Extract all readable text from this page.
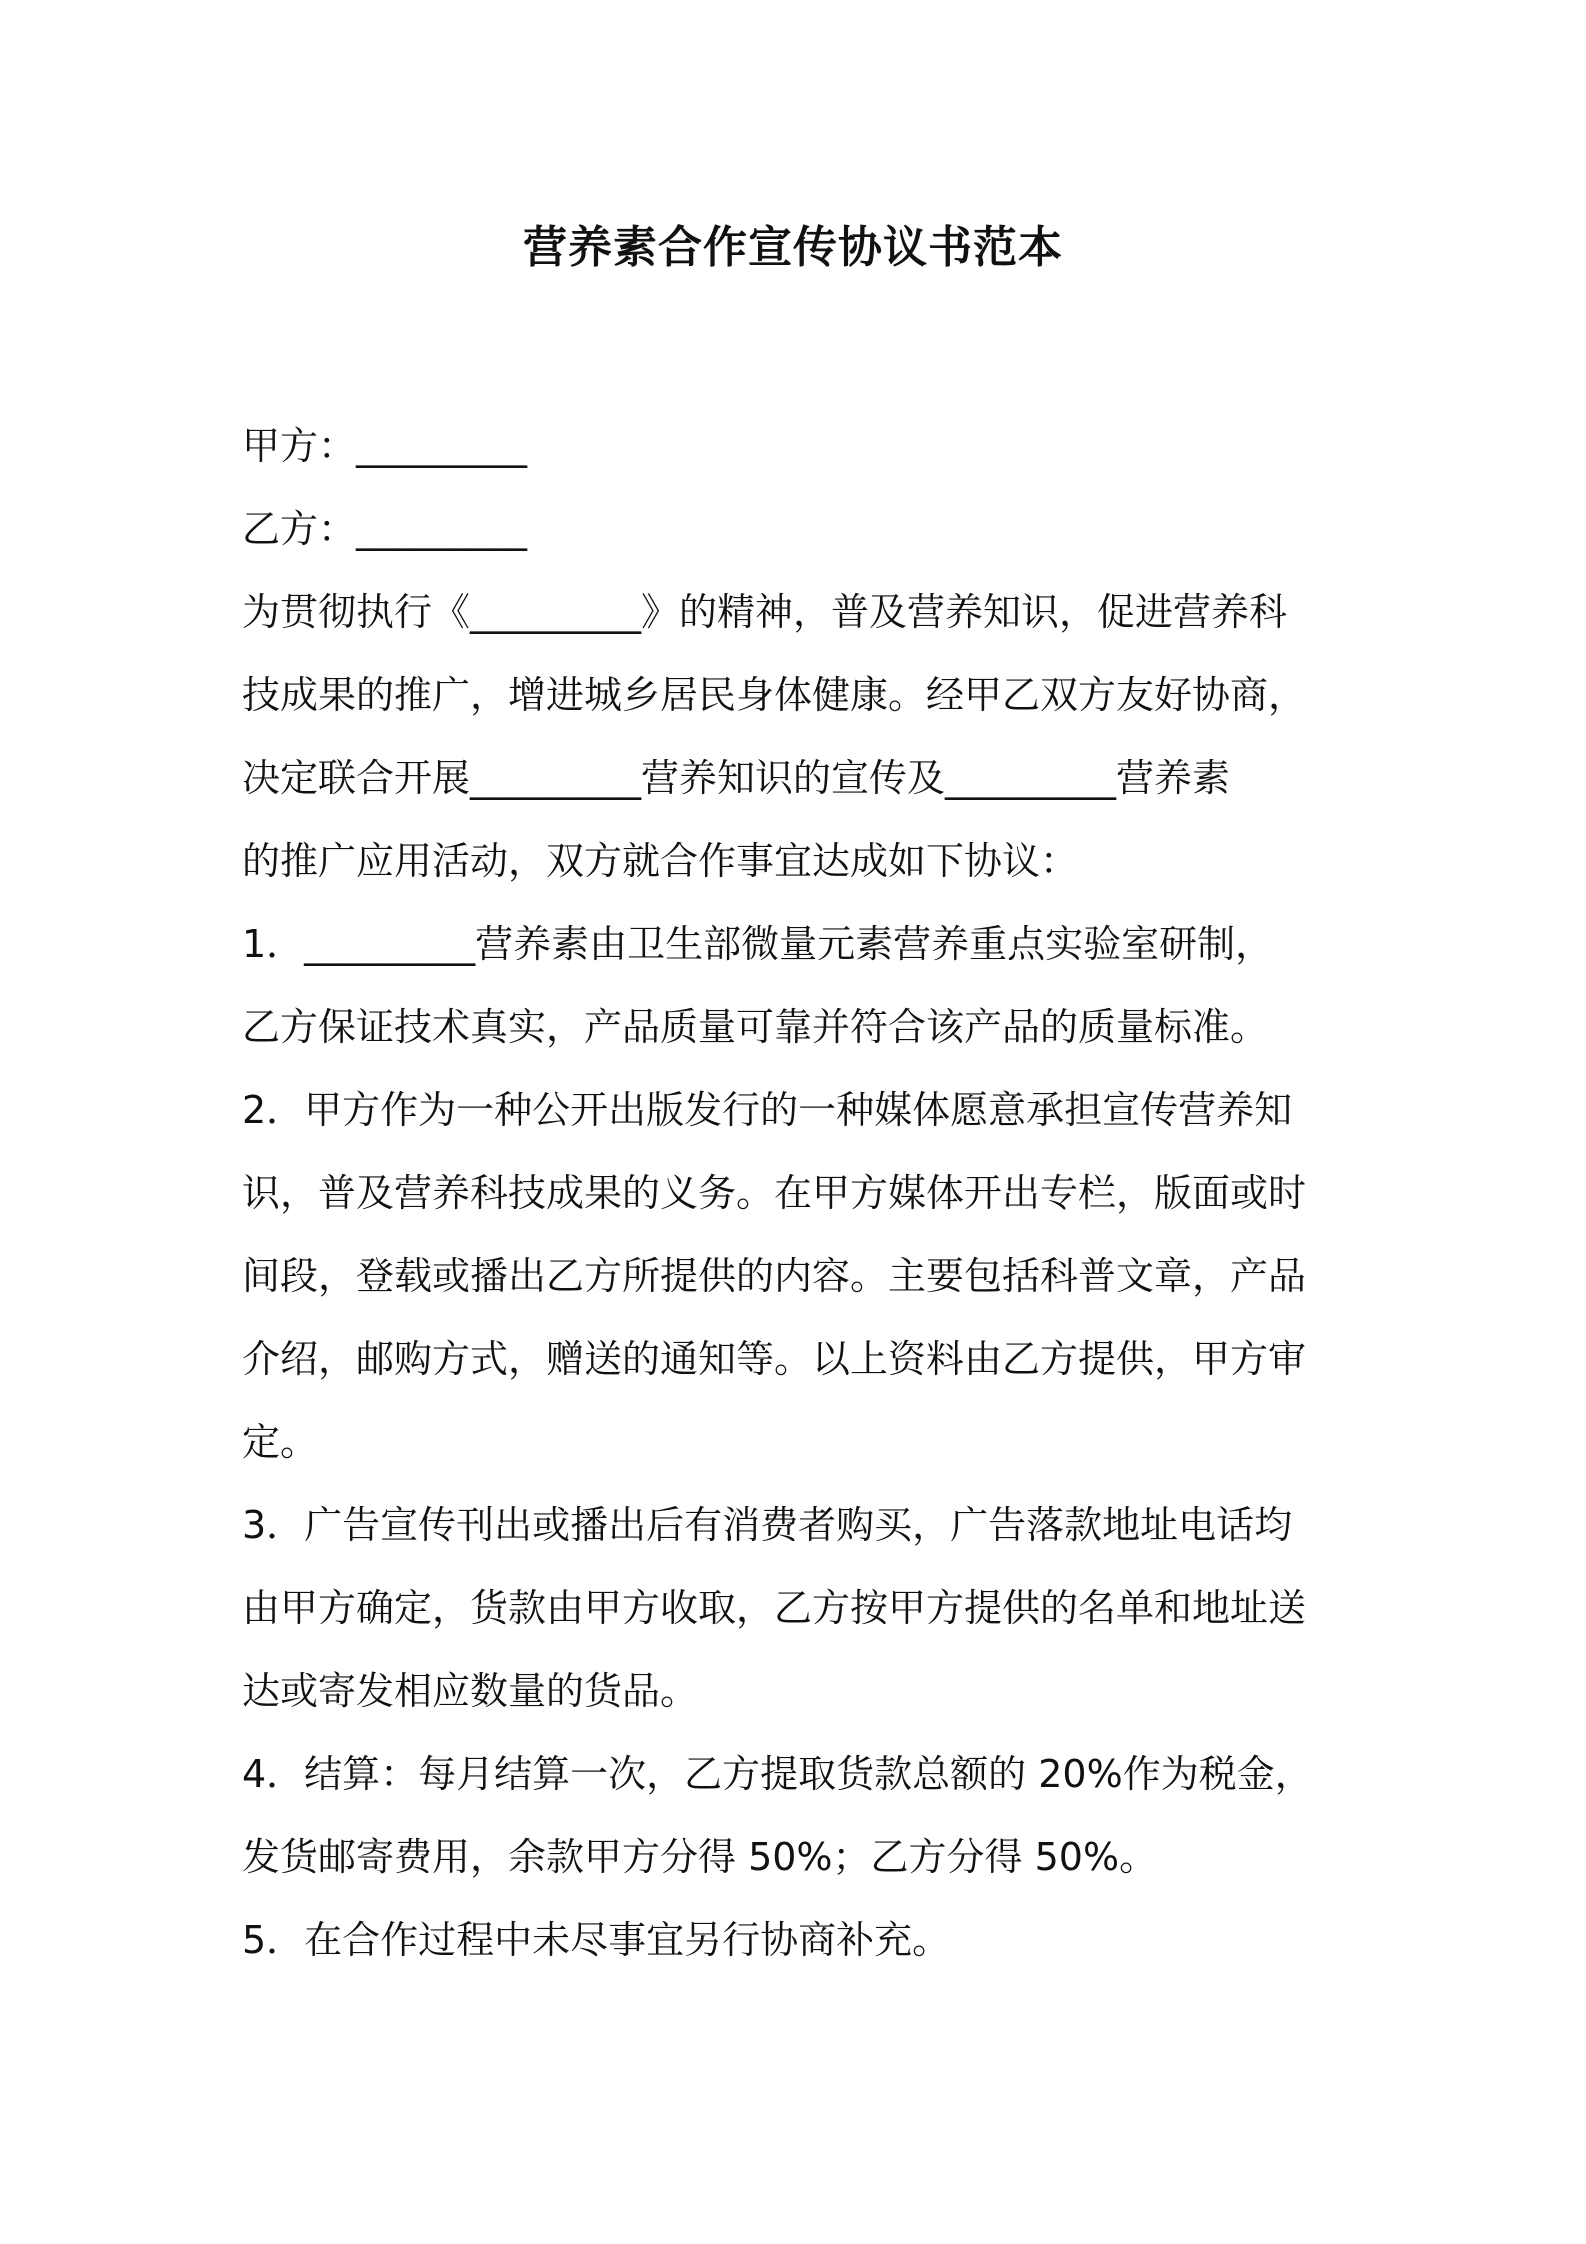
营养素合作宣传协议书范本

甲方：_________

乙方：_________

为贯彻执行《_________》的精神，普及营养知识，促进营养科

技成果的推广，增进城乡居民身体健康。经甲乙双方友好协商，

决定联合开展_________营养知识的宣传及_________营养素

的推广应用活动，双方就合作事宜达成如下协议：

1．_________营养素由卫生部微量元素营养重点实验室研制，

乙方保证技术真实，产品质量可靠并符合该产品的质量标准。

2．甲方作为一种公开出版发行的一种媒体愿意承担宣传营养知

识，普及营养科技成果的义务。在甲方媒体开出专栏，版面或时

间段，登载或播出乙方所提供的内容。主要包括科普文章，产品

介绍，邮购方式，赠送的通知等。以上资料由乙方提供，甲方审

定。

3．广告宣传刊出或播出后有消费者购买，广告落款地址电话均

由甲方确定，货款由甲方收取，乙方按甲方提供的名单和地址送

达或寄发相应数量的货品。

4．结算：每月结算一次，乙方提取货款总额的 20%作为税金，

发货邮寄费用，余款甲方分得 50%；乙方分得 50%。

5．在合作过程中未尽事宜另行协商补充。
